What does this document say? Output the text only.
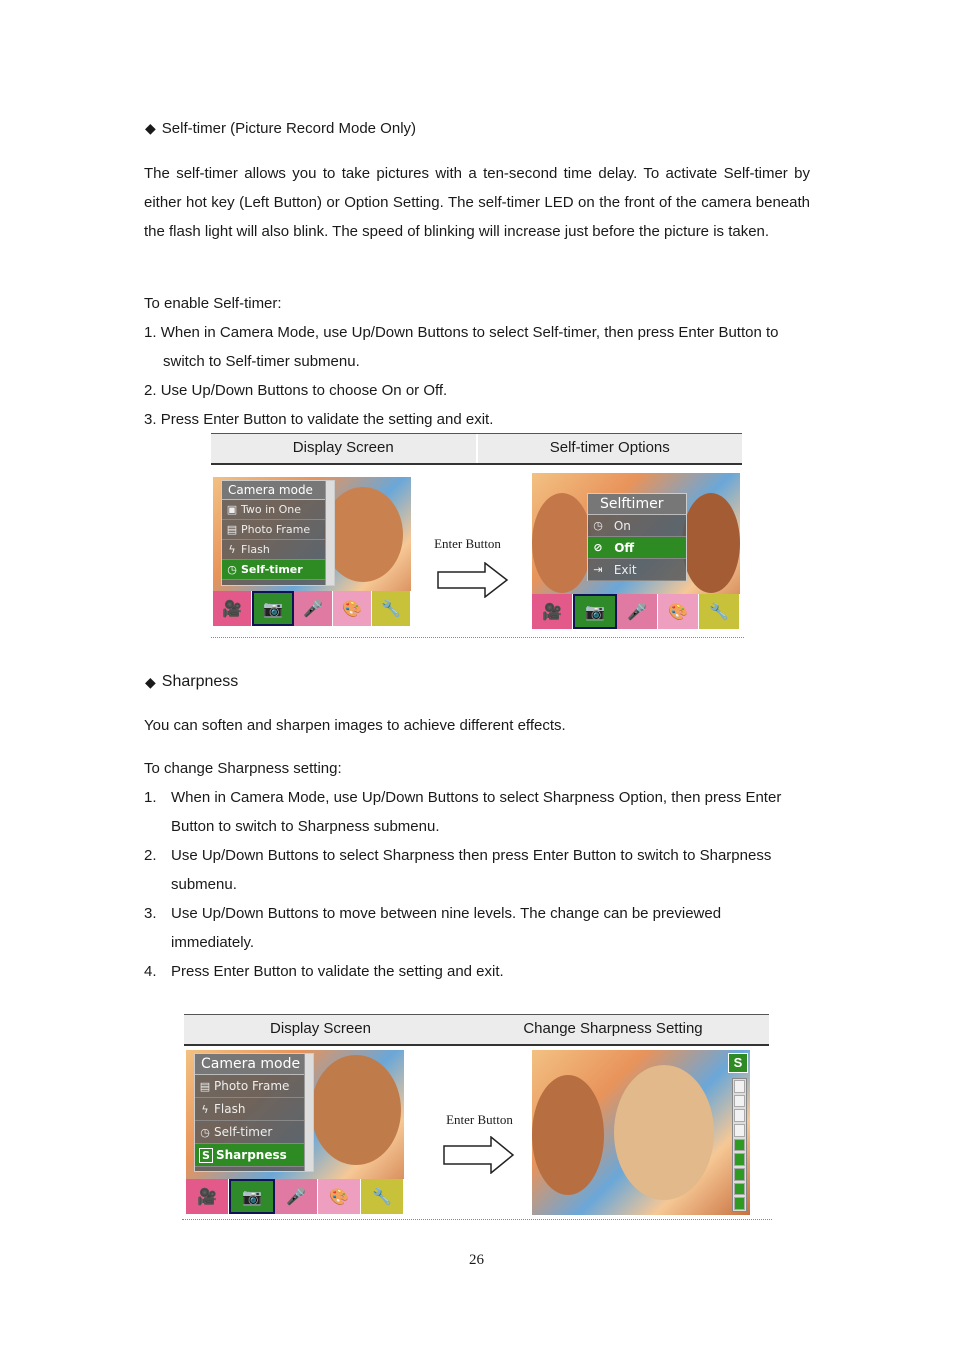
◆ Self-timer (Picture Record Mode Only)
The self-timer allows you to take pictures with a ten-second time delay. To activate Self-timer by either hot key (Left Button) or Option Setting. The self-timer LED on the front of the camera beneath the flash light will also blink. The speed of blinking will increase just before the picture is taken.
To enable Self-timer:
1. When in Camera Mode, use Up/Down Buttons to select Self-timer, then press Enter Button to
switch to Self-timer submenu.
2. Use Up/Down Buttons to choose On or Off.
3. Press Enter Button to validate the setting and exit.
Display Screen	Self-timer Options
Camera mode
▣ Two in One
▤ Photo Frame
ϟ Flash
◷ Self-timer
🎥	📷	🎤	🎨	🔧
Enter Button
Selftimer
◷
On
⊘
Off
⇥
Exit
🎥	📷	🎤	🎨	🔧
◆ Sharpness
You can soften and sharpen images to achieve different effects.
To change Sharpness setting:
1. When in Camera Mode, use Up/Down Buttons to select Sharpness Option, then press Enter
Button to switch to Sharpness submenu.
2. Use Up/Down Buttons to select Sharpness then press Enter Button to switch to Sharpness
submenu.
3. Use Up/Down Buttons to move between nine levels. The change can be previewed
immediately.
4. Press Enter Button to validate the setting and exit.
Display Screen	Change Sharpness Setting
Camera mode
▤ Photo Frame
ϟ Flash
◷ Self-timer
S Sharpness
🎥	📷	🎤	🎨	🔧
Enter Button
S
26
